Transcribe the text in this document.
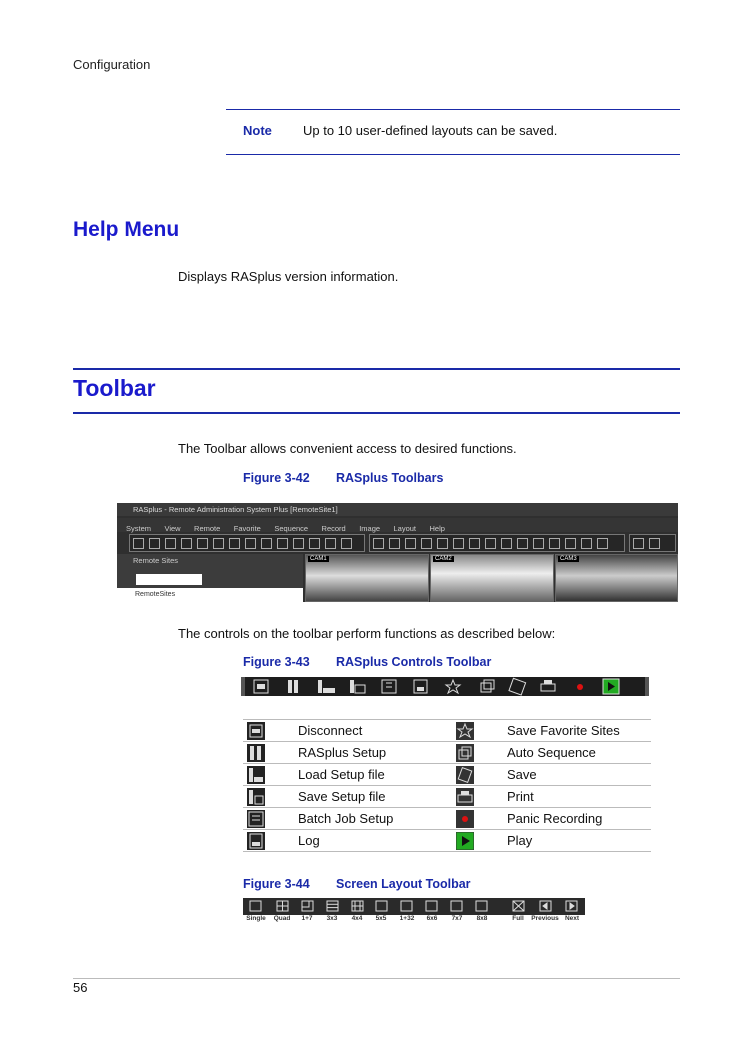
Configuration
Note Up to 10 user-defined layouts can be saved.
Help Menu
Displays RASplus version information.
Toolbar
The Toolbar allows convenient access to desired functions.
Figure 3-42 RASplus Toolbars
RASplus - Remote Administration System Plus [RemoteSite1]
System View Remote Favorite Sequence Record Image Layout Help
Remote Sites
RemoteSites
CAM1	CAM2	CAM3
The controls on the toolbar perform functions as described below:
Figure 3-43 RASplus Controls Toolbar
	Disconnect		Save Favorite Sites
	RASplus Setup		Auto Sequence
	Load Setup file		Save
	Save Setup file		Print
	Batch Job Setup		Panic Recording
	Log		Play
Figure 3-44 Screen Layout Toolbar
Single Quad 1+7 3x3 4x4 5x5 1+32 6x6 7x7 8x8	Full Previous Next
56
